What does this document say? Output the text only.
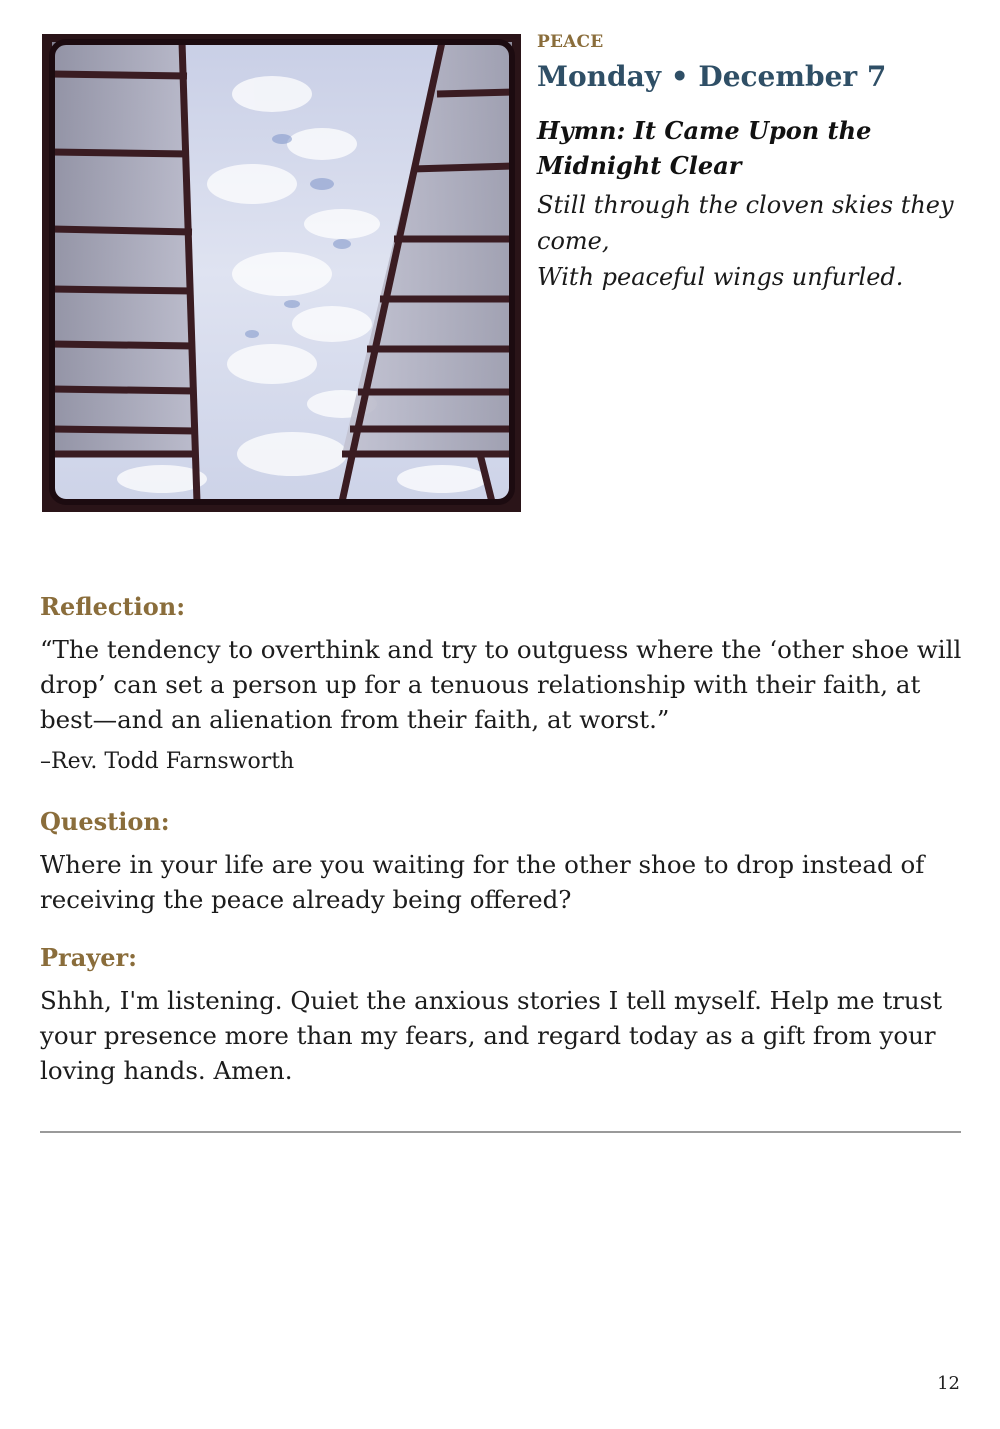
PEACE

Monday • December 7

Hymn: It Came Upon the Midnight Clear

Still through the cloven skies they come,
With peaceful wings unfurled.

Reflection:

“The tendency to overthink and try to outguess where the ‘other shoe will drop’ can set a person up for a tenuous relationship with their faith, at best—and an alienation from their faith, at worst.”

–Rev. Todd Farnsworth

Question:

Where in your life are you waiting for the other shoe to drop instead of receiving the peace already being offered?

Prayer:

Shhh, I'm listening. Quiet the anxious stories I tell myself. Help me trust your presence more than my fears, and regard today as a gift from your loving hands. Amen.

12
